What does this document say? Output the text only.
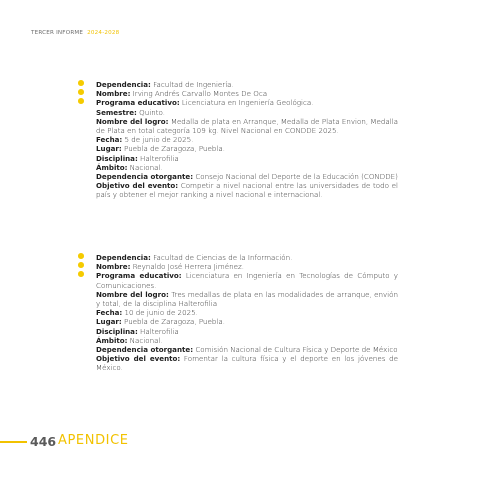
TERCER INFORME 2024-2028
Dependencia: Facultad de Ingeniería.
Nombre: Irving Andrés Carvallo Montes De Oca
Programa educativo: Licenciatura en Ingeniería Geológica.
Semestre: Quinto.
Nombre del logro: Medalla de plata en Arranque, Medalla de Plata Envion, Medalla de Plata en total categoría 109 kg. Nivel Nacional en CONDDE 2025.
Fecha: 5 de junio de 2025.
Lugar: Puebla de Zaragoza, Puebla.
Disciplina: Halterofilia
Ámbito: Nacional.
Dependencia otorgante: Consejo Nacional del Deporte de la Educación (CONDDE)
Objetivo del evento: Competir a nivel nacional entre las universidades de todo el país y obtener el mejor ranking a nivel nacional e internacional.
Dependencia: Facultad de Ciencias de la Información.
Nombre: Reynaldo José Herrera Jiménez.
Programa educativo: Licenciatura en Ingeniería en Tecnologías de Cómputo y Comunicaciones.
Nombre del logro: Tres medallas de plata en las modalidades de arranque, envión y total, de la disciplina Halterofilia
Fecha: 10 de junio de 2025.
Lugar: Puebla de Zaragoza, Puebla.
Disciplina: Halterofilia
Ámbito: Nacional.
Dependencia otorgante: Comisión Nacional de Cultura Física y Deporte de México
Objetivo del evento: Fomentar la cultura física y el deporte en los jóvenes de México.
446 APENDICE
